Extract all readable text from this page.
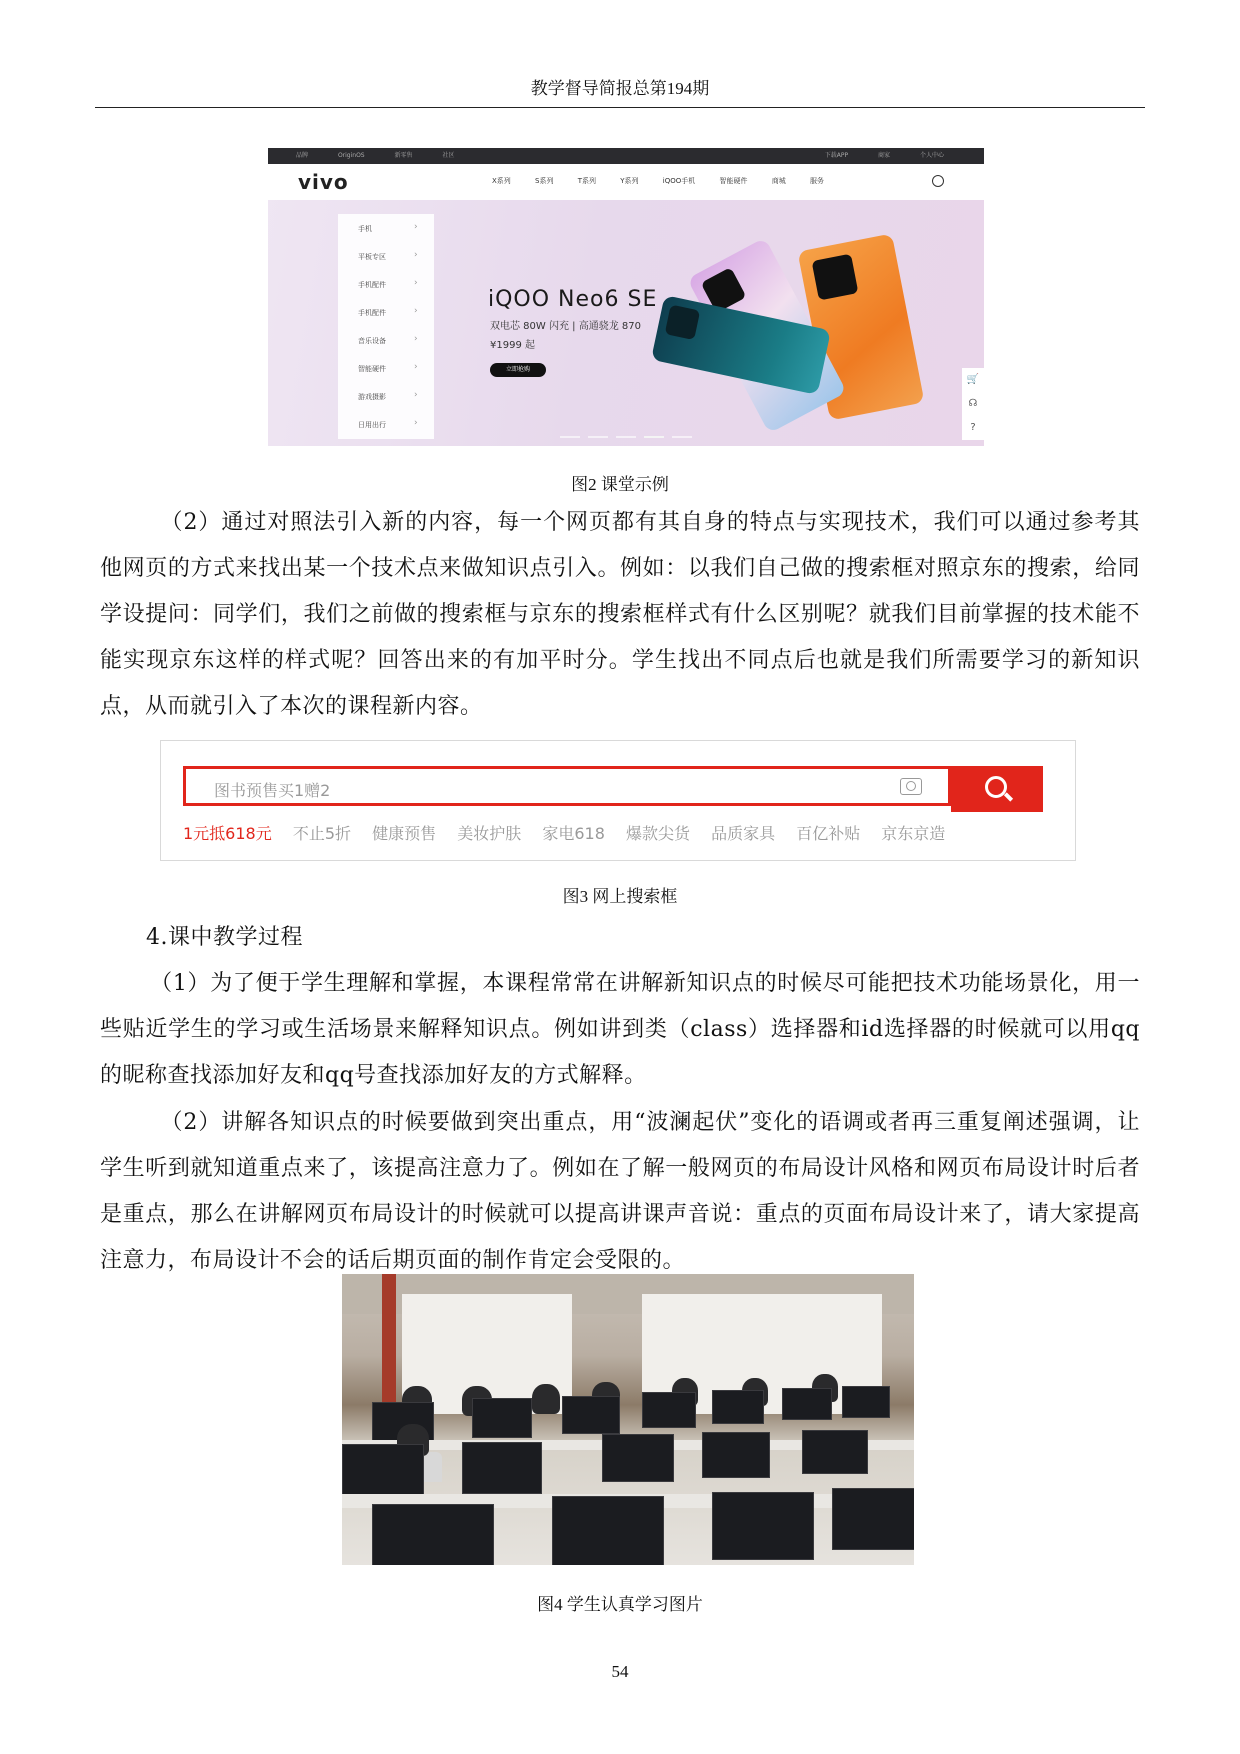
教学督导简报总第194期
品牌	OriginOS	新零售	社区	下载APP	商家	个人中心
vivo	X系列	S系列	T系列	Y系列	iQOO手机	智能硬件	商城	服务
手机	›
平板专区	›
手机配件	›
手机配件	›
音乐设备	›
智能硬件	›
游戏摄影	›
日用出行	›
iQOO Neo6 SE
双电芯 80W 闪充 | 高通骁龙 870
¥1999 起
立即抢购
🛒
☊
?
图2 课堂示例
（2）通过对照法引入新的内容，每一个网页都有其自身的特点与实现技术，我们可以通过参考其他网页的方式来找出某一个技术点来做知识点引入。例如：以我们自己做的搜索框对照京东的搜索，给同学设提问：同学们，我们之前做的搜索框与京东的搜索框样式有什么区别呢？就我们目前掌握的技术能不能实现京东这样的样式呢？回答出来的有加平时分。学生找出不同点后也就是我们所需要学习的新知识点，从而就引入了本次的课程新内容。
图书预售买1赠2
1元抵618元 不止5折 健康预售 美妆护肤 家电618 爆款尖货 品质家具 百亿补贴 京东京造
图3 网上搜索框
4.课中教学过程
（1）为了便于学生理解和掌握，本课程常常在讲解新知识点的时候尽可能把技术功能场景化，用一些贴近学生的学习或生活场景来解释知识点。例如讲到类（class）选择器和id选择器的时候就可以用qq的昵称查找添加好友和qq号查找添加好友的方式解释。
（2）讲解各知识点的时候要做到突出重点，用“波澜起伏”变化的语调或者再三重复阐述强调，让学生听到就知道重点来了，该提高注意力了。例如在了解一般网页的布局设计风格和网页布局设计时后者是重点，那么在讲解网页布局设计的时候就可以提高讲课声音说：重点的页面布局设计来了，请大家提高注意力，布局设计不会的话后期页面的制作肯定会受限的。
图4 学生认真学习图片
54
